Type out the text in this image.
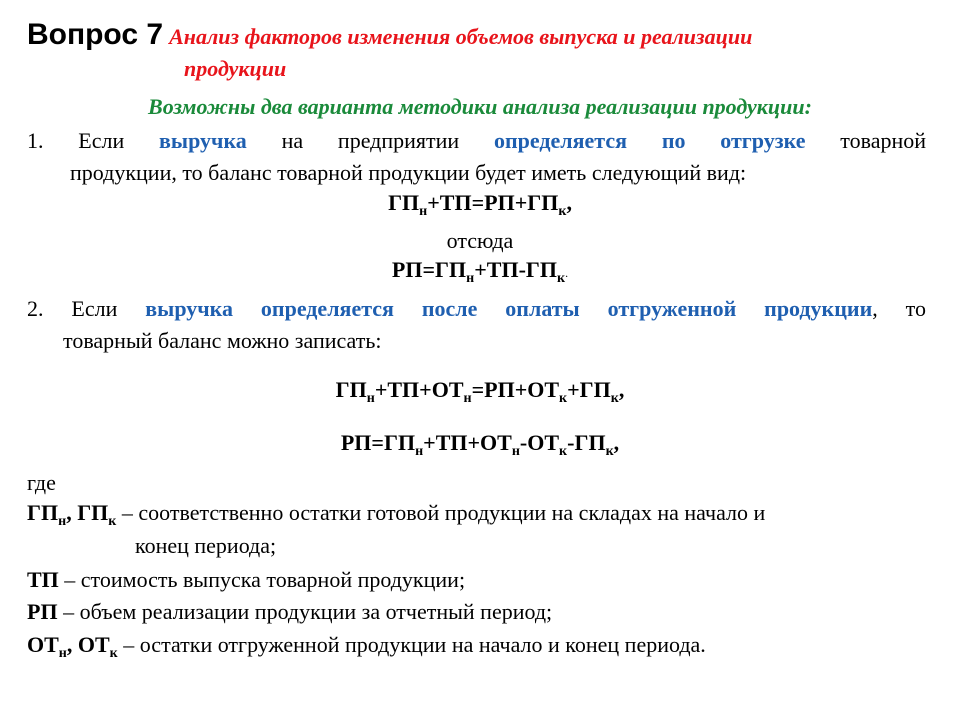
Вопрос 7 Анализ факторов изменения объемов выпуска и реализации
продукции
Возможны два варианта методики анализа реализации продукции:
1. Если выручка на предприятии определяется по отгрузке товарной
продукции, то баланс товарной продукции будет иметь следующий вид:
$ГП_н+ТП=РП+ГП_к$,
отсюда
$РП=ГП_н+ТП-ГП_к$.
2. Если выручка определяется после оплаты отгруженной продукции, то
товарный баланс можно записать:
$ГП_н+ТП+ОТ_н=РП+ОТ_к+ГП_к$,
$РП=ГП_н+ТП+ОТ_н-ОТ_к-ГП_к$,
где
$ГП_н$, $ГП_к$ – соответственно остатки готовой продукции на складах на начало и
конец периода;
ТП – стоимость выпуска товарной продукции;
РП – объем реализации продукции за отчетный период;
$ОТ_н$, $ОТ_к$ – остатки отгруженной продукции на начало и конец периода.
